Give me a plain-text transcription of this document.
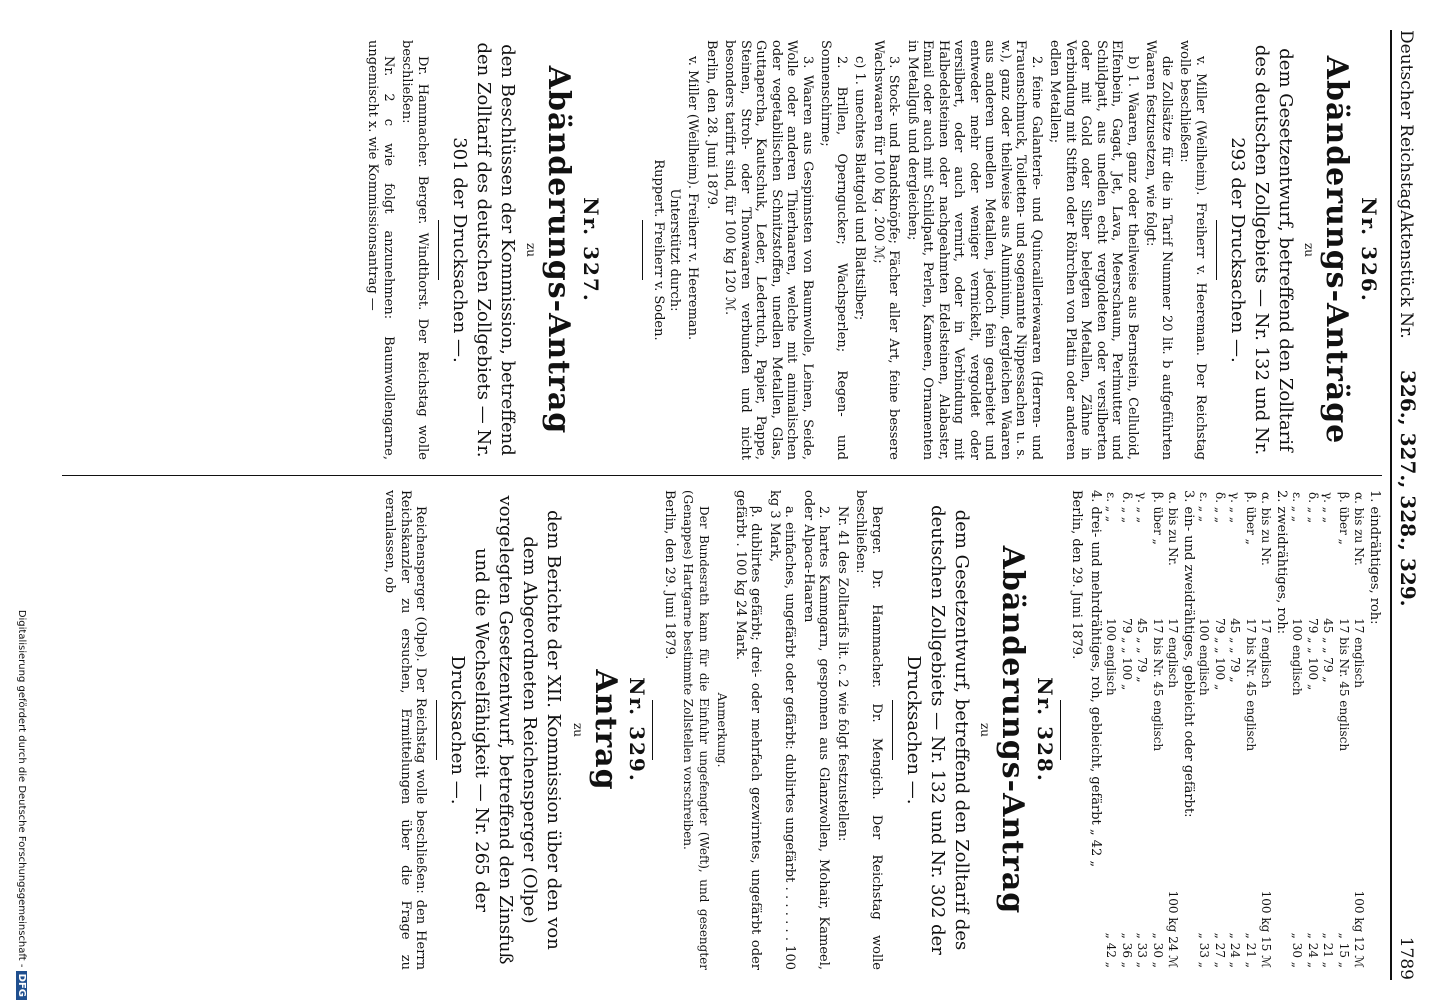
Deutscher Reichstag
Aktenstück Nr.
326., 327., 328., 329.
1789
Nr. 326.
Abänderungs-Anträge
zu
dem Gesetzentwurf, betreffend den Zolltarif des deutschen Zollgebiets — Nr. 132 und Nr. 293 der Drucksachen —.
v. Miller (Weilheim). Freiherr v. Heereman. Der Reichstag wolle beschließen:
die Zollsätze für die in Tarif Nummer 20 lit. b aufgeführten Waaren festzusetzen, wie folgt:
b) 1. Waaren, ganz oder theilweise aus Bernstein, Celluloid, Elfenbein, Gagat, Jet, Lava, Meerschaum, Perlmutter und Schildpatt, aus unedlen echt vergoldeten oder versilberten oder mit Gold oder Silber belegten Metallen, Zähne in Verbindung mit Stiften oder Röhrchen von Platin oder anderen edlen Metallen;
2. feine Galanterie- und Quincailleriewaaren (Herren- und Frauenschmuck, Toiletten- und sogenannte Nippessachen u. s. w.), ganz oder theilweise aus Aluminium, dergleichen Waaren aus anderen unedlen Metallen, jedoch fein gearbeitet und entweder mehr oder weniger vernickelt, vergoldet oder versilbert, oder auch vernirt, oder in Verbindung mit Halbedelsteinen oder nachgeahmten Edelsteinen, Alabaster, Email oder auch mit Schildpatt, Perlen, Kameen, Ornamenten in Metallguß und dergleichen;
3. Stock- und Bandsknöpfe; Fächer aller Art, feine bessere Wachswaaren für 100 kg . 200 ℳ;
c) 1. unechtes Blattgold und Blattsilber;
2. Brillen, Operngucker; Wachsperlen; Regen- und Sonnenschirme;
3. Waaren aus Gespinnsten von Baumwolle, Leinen, Seide, Wolle oder anderen Thierhaaren, welche mit animalischen oder vegetabilischen Schnitzstoffen, unedlen Metallen, Glas, Guttapercha, Kautschuk, Leder, Ledertuch, Papier, Pappe, Steinen, Stroh- oder Thonwaaren verbunden und nicht besonders tarifirt sind, für 100 kg 120 ℳ.
Berlin, den 28. Juni 1879.
v. Miller (Weilheim). Freiherr v. Heereman.
Unterstützt durch:
Ruppert. Freiherr v. Soden.
Nr. 327.
Abänderungs-Antrag
zu
den Beschlüssen der Kommission, betreffend den Zolltarif des deutschen Zollgebiets — Nr. 301 der Drucksachen —.
Dr. Hammacher. Berger. Windthorst. Der Reichstag wolle beschließen:
Nr. 2 c wie folgt anzunehmen: Baumwollengarne, ungemischt x. wie Kommissionsantrag —
1. eindrähtiges, roh:
α. bis zu Nr.	17 englisch	100 kg 12 ℳ
β. über „	17 bis Nr. 45 englisch	„ 15 „
γ. „ „	45 „ „ 79 „	„ 21 „
δ. „ „	79 „ „ 100 „	„ 24 „
ε. „ „	100 englisch	„ 30 „
2. zweidrähtiges, roh:
α. bis zu Nr.	17 englisch	100 kg 15 ℳ
β. über „	17 bis Nr. 45 englisch	„ 21 „
γ. „ „	45 „ „ 79 „	„ 24 „
δ. „ „	79 „ „ 100 „	„ 27 „
ε. „ „	100 englisch	„ 33 „
3. ein- und zweidrähtiges, gebleicht oder gefärbt:
α. bis zu Nr.	17 englisch	100 kg 24 ℳ
β. über „	17 bis Nr. 45 englisch	„ 30 „
γ. „ „	45 „ „ 79 „	„ 33 „
δ. „ „	79 „ „ 100 „	„ 36 „
ε. „ „	100 englisch	„ 42 „
4. drei- und mehrdrähtiges, roh, gebleicht, gefärbt „ 42 „
Berlin, den 29. Juni 1879.
Nr. 328.
Abänderungs-Antrag
zu
dem Gesetzentwurf, betreffend den Zolltarif des deutschen Zollgebiets — Nr. 132 und Nr. 302 der Drucksachen —.
Berger. Dr. Hammacher. Dr. Mengich. Der Reichstag wolle beschließen:
Nr. 41 des Zolltarifs lit. c. 2 wie folgt festzustellen:
2. hartes Kammgarn, gesponnen aus Glanzwollen, Mohair, Kameel, oder Alpaca-Haaren
a. einfaches, ungefärbt oder gefärbt: dublirtes ungefärbt . . . . . . . 100 kg 3 Mark,
β. dublirtes gefärbt; drei- oder mehrfach gezwirntes, ungefärbt oder gefärbt . 100 kg 24 Mark.
Anmerkung.
Der Bundesrath kann für die Einfuhr ungefengter (Weft), und gesengter (Genappes) Hartgarne bestimmte Zollstellen vorschreiben.
Berlin, den 29. Juni 1879.
Nr. 329.
Antrag
zu
dem Berichte der XII. Kommission über den von dem Abgeordneten Reichensperger (Olpe) vorgelegten Gesetzentwurf, betreffend den Zinsfuß und die Wechselfähigkeit — Nr. 265 der Drucksachen —.
Reichensperger (Olpe). Der Reichstag wolle beschließen: den Herrn Reichskanzler zu ersuchen, Ermittelungen über die Frage zu veranlassen, ob
Digitalisierung gefördert durch die Deutsche Forschungsgemeinschaft - DFG
